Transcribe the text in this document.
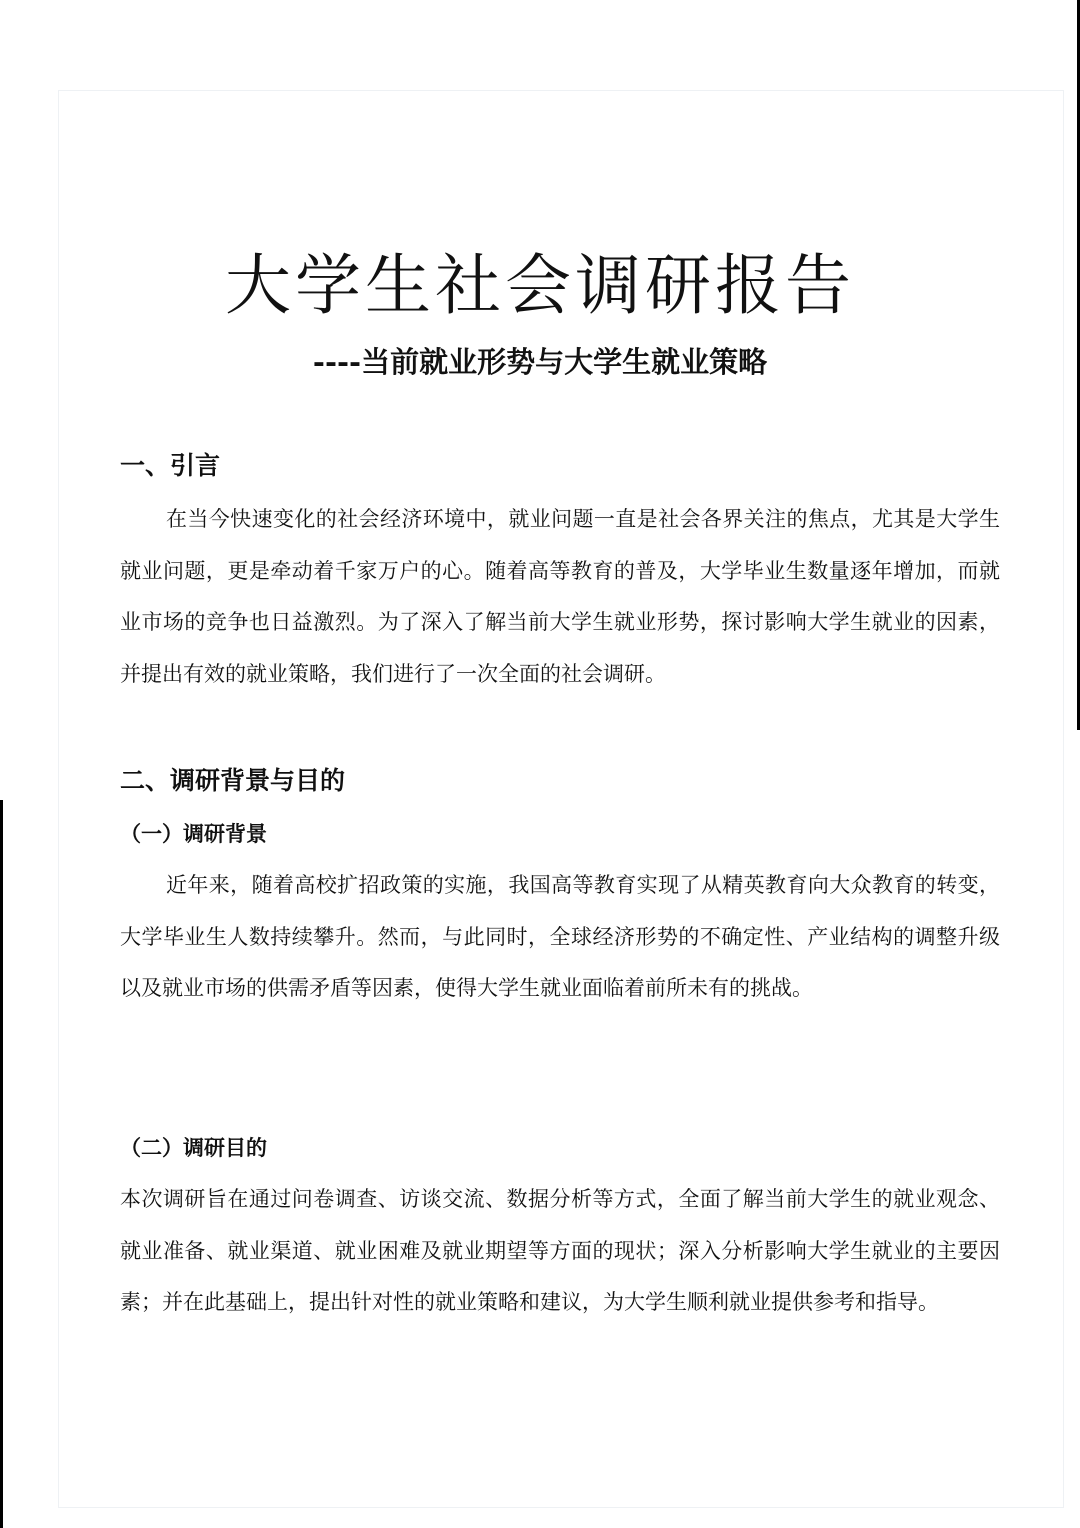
大学生社会调研报告
----当前就业形势与大学生就业策略
一、引言

在当今快速变化的社会经济环境中，就业问题一直是社会各界关注的焦点，尤其是大学生就业问题，更是牵动着千家万户的心。随着高等教育的普及，大学毕业生数量逐年增加，而就业市场的竞争也日益激烈。为了深入了解当前大学生就业形势，探讨影响大学生就业的因素，并提出有效的就业策略，我们进行了一次全面的社会调研。

二、调研背景与目的
（一）调研背景

近年来，随着高校扩招政策的实施，我国高等教育实现了从精英教育向大众教育的转变，大学毕业生人数持续攀升。然而，与此同时，全球经济形势的不确定性、产业结构的调整升级以及就业市场的供需矛盾等因素，使得大学生就业面临着前所未有的挑战。

（二）调研目的

本次调研旨在通过问卷调查、访谈交流、数据分析等方式，全面了解当前大学生的就业观念、就业准备、就业渠道、就业困难及就业期望等方面的现状；深入分析影响大学生就业的主要因素；并在此基础上，提出针对性的就业策略和建议，为大学生顺利就业提供参考和指导。
